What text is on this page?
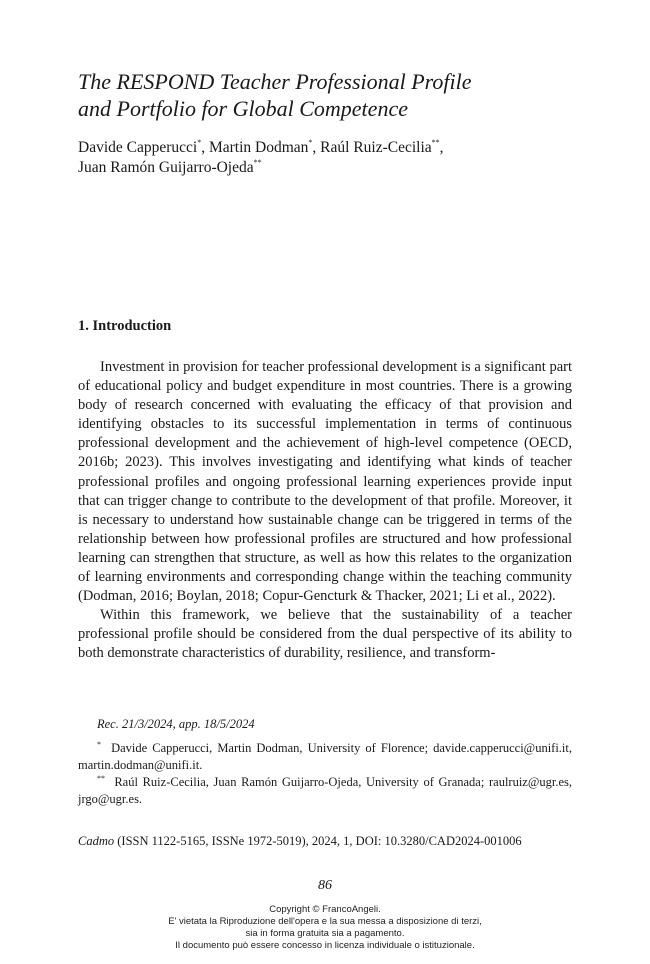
The RESPOND Teacher Professional Profile
and Portfolio for Global Competence
Davide Capperucci*, Martin Dodman*, Raúl Ruiz-Cecilia**,
Juan Ramón Guijarro-Ojeda**
1. Introduction

Investment in provision for teacher professional development is a significant part of educational policy and budget expenditure in most countries. There is a growing body of research concerned with evaluating the efficacy of that provision and identifying obstacles to its successful implementation in terms of continuous professional development and the achievement of high-level competence (OECD, 2016b; 2023). This involves investigating and identifying what kinds of teacher professional profiles and ongoing professional learning experiences provide input that can trigger change to contribute to the development of that profile. Moreover, it is necessary to understand how sustainable change can be triggered in terms of the relationship between how professional profiles are structured and how professional learning can strengthen that structure, as well as how this relates to the organization of learning environments and corresponding change within the teaching community (Dodman, 2016; Boylan, 2018; Copur-Gencturk & Thacker, 2021; Li et al., 2022).

Within this framework, we believe that the sustainability of a teacher professional profile should be considered from the dual perspective of its ability to both demonstrate characteristics of durability, resilience, and transform-

Rec. 21/3/2024, app. 18/5/2024

* Davide Capperucci, Martin Dodman, University of Florence; davide.capperucci@unifi.it, martin.dodman@unifi.it.

** Raúl Ruiz-Cecilia, Juan Ramón Guijarro-Ojeda, University of Granada; raulruiz@ugr.es, jrgo@ugr.es.

Cadmo (ISSN 1122-5165, ISSNe 1972-5019), 2024, 1, DOI: 10.3280/CAD2024-001006
86
Copyright © FrancoAngeli.
E' vietata la Riproduzione dell'opera e la sua messa a disposizione di terzi,
sia in forma gratuita sia a pagamento.
Il documento può essere concesso in licenza individuale o istituzionale.
